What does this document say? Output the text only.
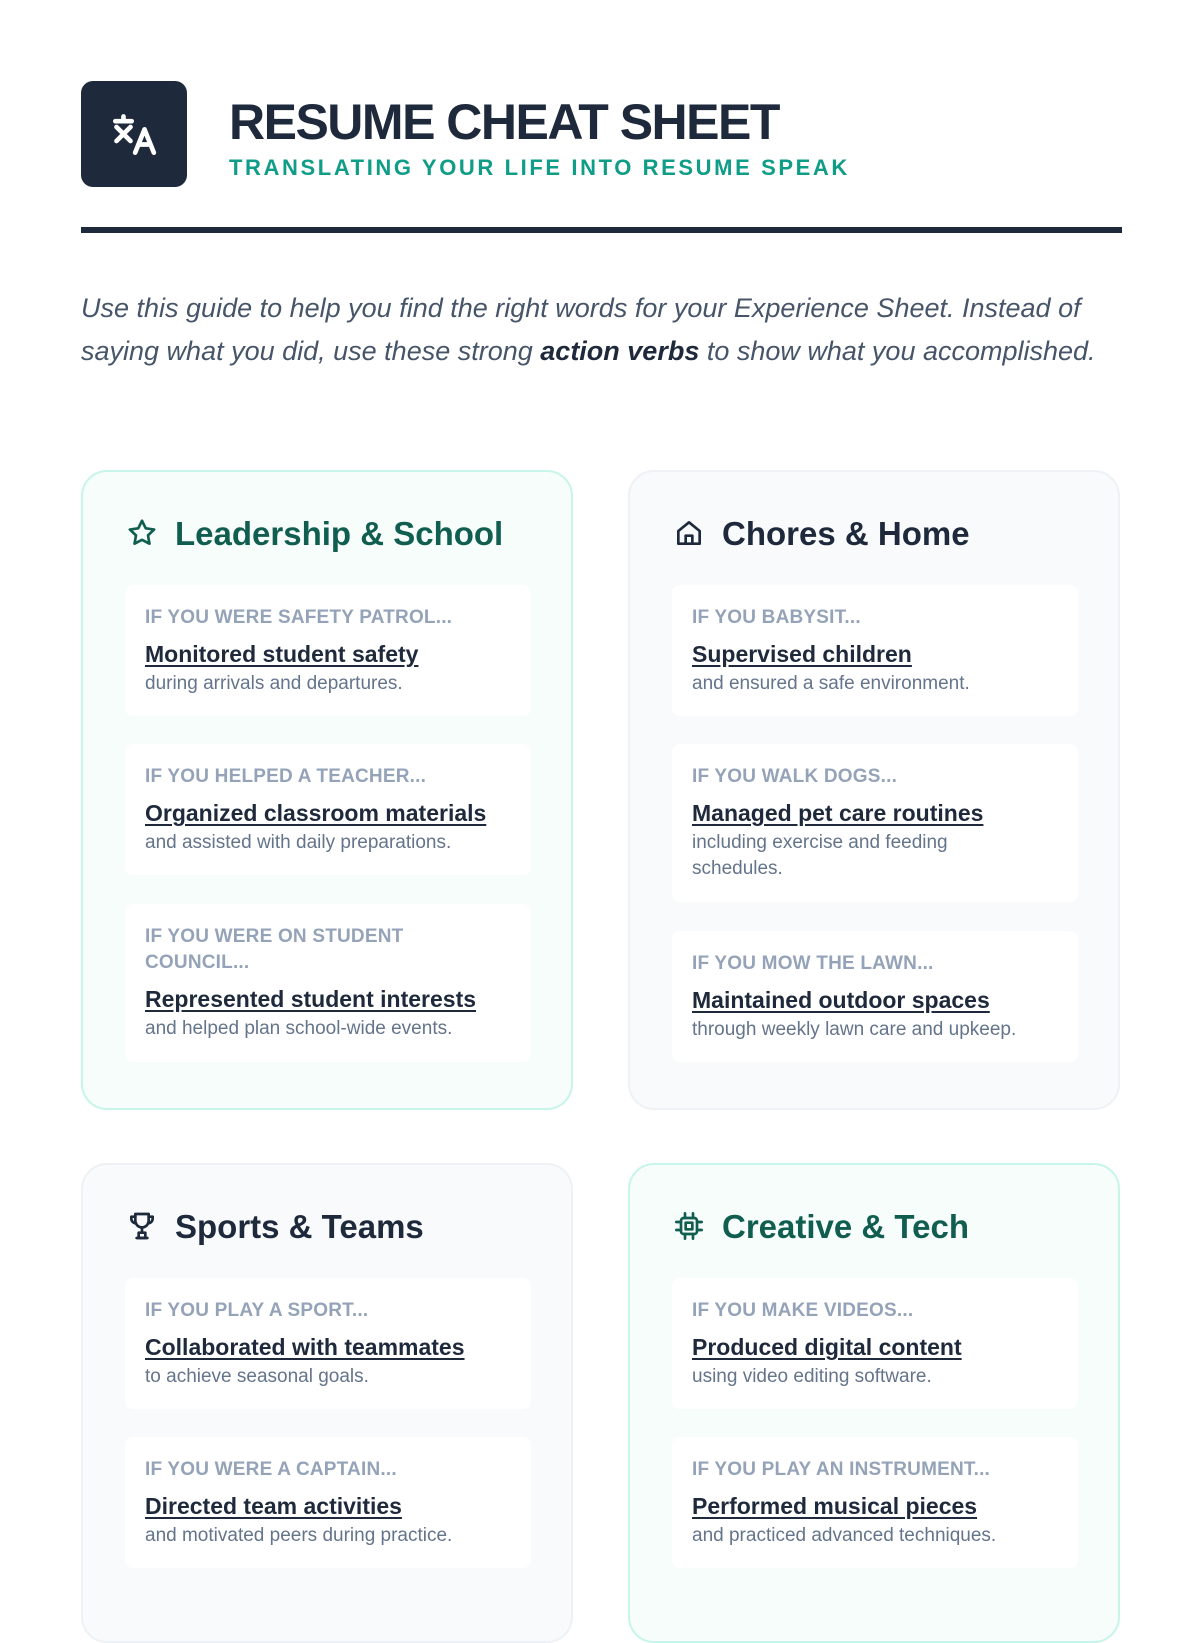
RESUME CHEAT SHEET
TRANSLATING YOUR LIFE INTO RESUME SPEAK

Use this guide to help you find the right words for your Experience Sheet. Instead of saying what you did, use these strong action verbs to show what you accomplished.

Leadership & School
IF YOU WERE SAFETY PATROL...
Monitored student safety
during arrivals and departures.
IF YOU HELPED A TEACHER...
Organized classroom materials
and assisted with daily preparations.
IF YOU WERE ON STUDENT
COUNCIL...
Represented student interests
and helped plan school-wide events.
Chores & Home
IF YOU BABYSIT...
Supervised children
and ensured a safe environment.
IF YOU WALK DOGS...
Managed pet care routines
including exercise and feeding
schedules.
IF YOU MOW THE LAWN...
Maintained outdoor spaces
through weekly lawn care and upkeep.
Sports & Teams
IF YOU PLAY A SPORT...
Collaborated with teammates
to achieve seasonal goals.
IF YOU WERE A CAPTAIN...
Directed team activities
and motivated peers during practice.
Creative & Tech
IF YOU MAKE VIDEOS...
Produced digital content
using video editing software.
IF YOU PLAY AN INSTRUMENT...
Performed musical pieces
and practiced advanced techniques.
